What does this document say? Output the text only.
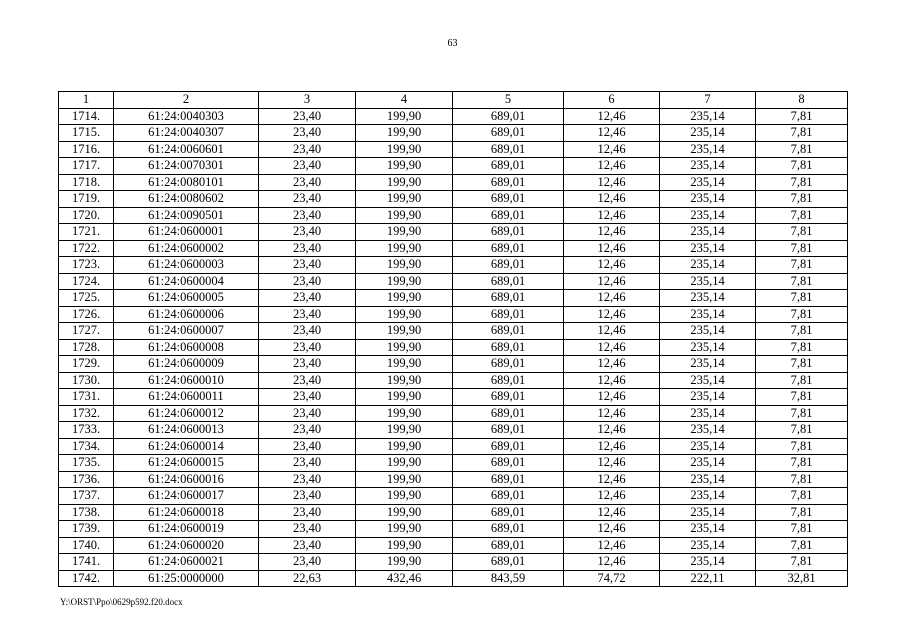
63
1	2	3	4	5	6	7	8
1714.	61:24:0040303	23,40	199,90	689,01	12,46	235,14	7,81
1715.	61:24:0040307	23,40	199,90	689,01	12,46	235,14	7,81
1716.	61:24:0060601	23,40	199,90	689,01	12,46	235,14	7,81
1717.	61:24:0070301	23,40	199,90	689,01	12,46	235,14	7,81
1718.	61:24:0080101	23,40	199,90	689,01	12,46	235,14	7,81
1719.	61:24:0080602	23,40	199,90	689,01	12,46	235,14	7,81
1720.	61:24:0090501	23,40	199,90	689,01	12,46	235,14	7,81
1721.	61:24:0600001	23,40	199,90	689,01	12,46	235,14	7,81
1722.	61:24:0600002	23,40	199,90	689,01	12,46	235,14	7,81
1723.	61:24:0600003	23,40	199,90	689,01	12,46	235,14	7,81
1724.	61:24:0600004	23,40	199,90	689,01	12,46	235,14	7,81
1725.	61:24:0600005	23,40	199,90	689,01	12,46	235,14	7,81
1726.	61:24:0600006	23,40	199,90	689,01	12,46	235,14	7,81
1727.	61:24:0600007	23,40	199,90	689,01	12,46	235,14	7,81
1728.	61:24:0600008	23,40	199,90	689,01	12,46	235,14	7,81
1729.	61:24:0600009	23,40	199,90	689,01	12,46	235,14	7,81
1730.	61:24:0600010	23,40	199,90	689,01	12,46	235,14	7,81
1731.	61:24:0600011	23,40	199,90	689,01	12,46	235,14	7,81
1732.	61:24:0600012	23,40	199,90	689,01	12,46	235,14	7,81
1733.	61:24:0600013	23,40	199,90	689,01	12,46	235,14	7,81
1734.	61:24:0600014	23,40	199,90	689,01	12,46	235,14	7,81
1735.	61:24:0600015	23,40	199,90	689,01	12,46	235,14	7,81
1736.	61:24:0600016	23,40	199,90	689,01	12,46	235,14	7,81
1737.	61:24:0600017	23,40	199,90	689,01	12,46	235,14	7,81
1738.	61:24:0600018	23,40	199,90	689,01	12,46	235,14	7,81
1739.	61:24:0600019	23,40	199,90	689,01	12,46	235,14	7,81
1740.	61:24:0600020	23,40	199,90	689,01	12,46	235,14	7,81
1741.	61:24:0600021	23,40	199,90	689,01	12,46	235,14	7,81
1742.	61:25:0000000	22,63	432,46	843,59	74,72	222,11	32,81
Y:\ORST\Ppo\0629p592.f20.docx
